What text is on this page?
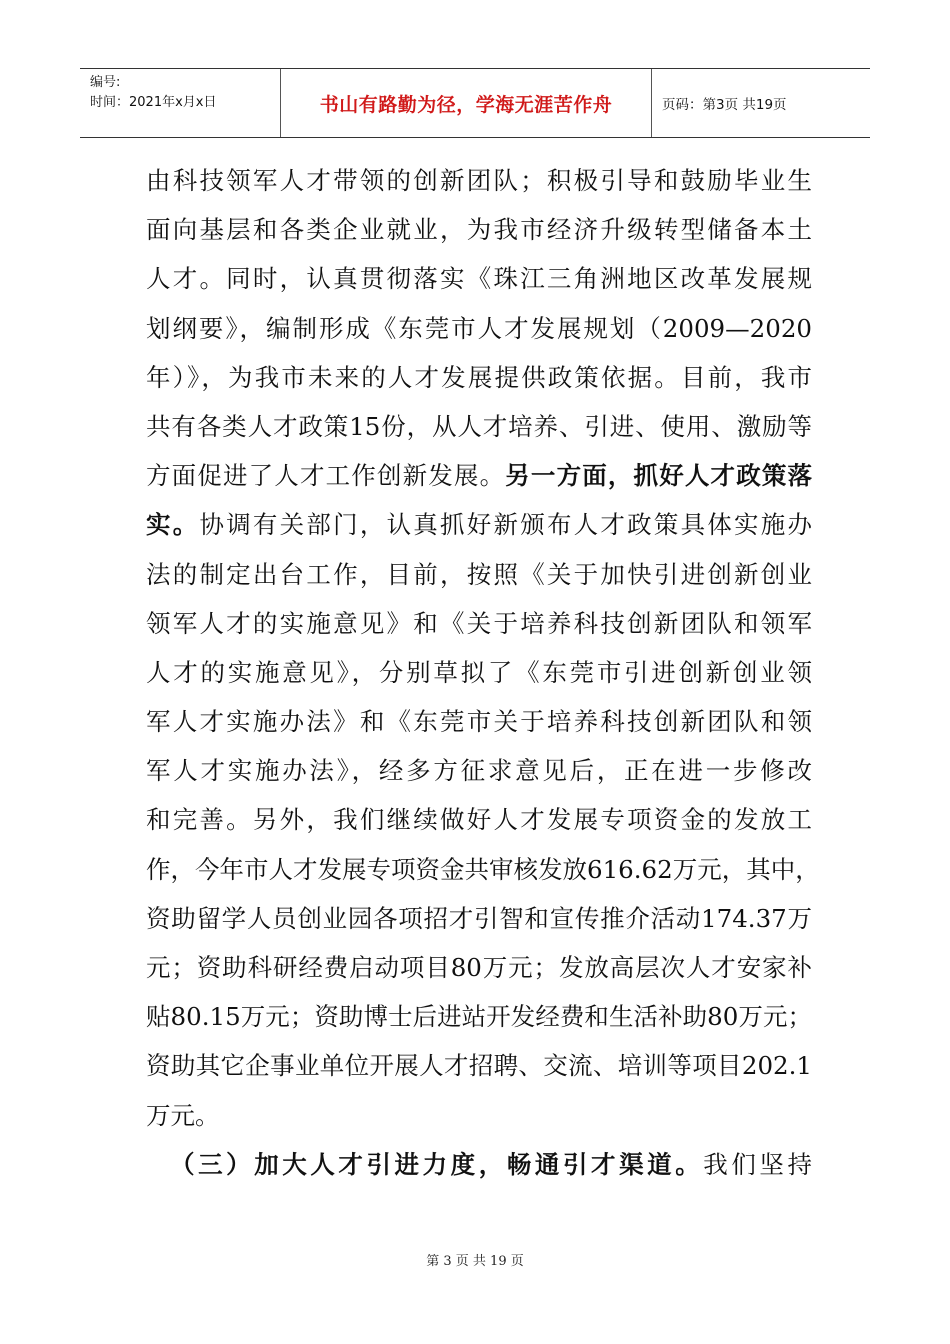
编号:
时间：2021年x月x日	书山有路勤为径，学海无涯苦作舟	页码：第3页 共19页
由科技领军人才带领的创新团队；积极引导和鼓励毕业生
面向基层和各类企业就业，为我市经济升级转型储备本土
人才。同时，认真贯彻落实《珠江三角洲地区改革发展规
划纲要》，编制形成《东莞市人才发展规划（2009—2020
年）》，为我市未来的人才发展提供政策依据。目前，我市
共有各类人才政策15份，从人才培养、引进、使用、激励等
方面促进了人才工作创新发展。另一方面，抓好人才政策落
实。协调有关部门，认真抓好新颁布人才政策具体实施办
法的制定出台工作，目前，按照《关于加快引进创新创业
领军人才的实施意见》和《关于培养科技创新团队和领军
人才的实施意见》，分别草拟了《东莞市引进创新创业领
军人才实施办法》和《东莞市关于培养科技创新团队和领
军人才实施办法》，经多方征求意见后，正在进一步修改
和完善。另外，我们继续做好人才发展专项资金的发放工
作，今年市人才发展专项资金共审核发放616.62万元，其中，
资助留学人员创业园各项招才引智和宣传推介活动174.37万
元；资助科研经费启动项目80万元；发放高层次人才安家补
贴80.15万元；资助博士后进站开发经费和生活补助80万元；
资助其它企事业单位开展人才招聘、交流、培训等项目202.1
万元。
（三）加大人才引进力度，畅通引才渠道。我们坚持
第 3 页 共 19 页
